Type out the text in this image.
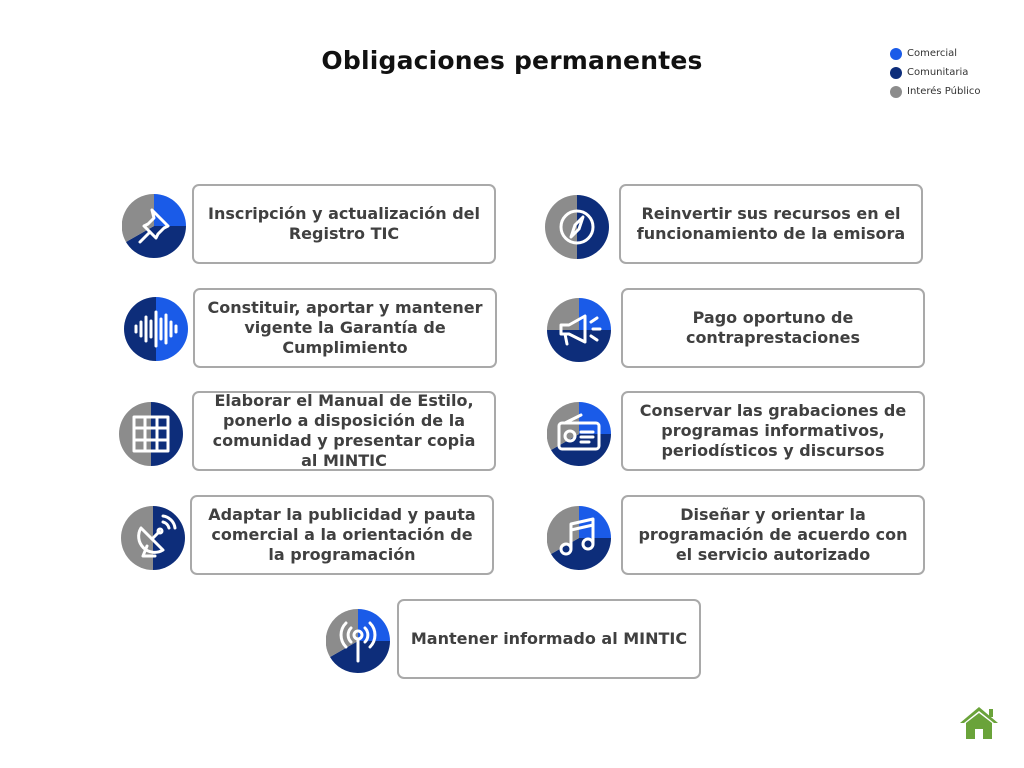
Obligaciones permanentes	Comercial
Comunitaria
Interés Público
Inscripción y actualización del Registro TIC
Reinvertir sus recursos en el funcionamiento de la emisora
Constituir, aportar y mantener vigente la Garantía de Cumplimiento
Pago oportuno de contraprestaciones
Elaborar el Manual de Estilo, ponerlo a disposición de la comunidad y presentar copia al MINTIC
Conservar las grabaciones de programas informativos, periodísticos y discursos
Adaptar la publicidad y pauta comercial a la orientación de la programación
Diseñar y orientar la programación de acuerdo con el servicio autorizado
Mantener informado al MINTIC
